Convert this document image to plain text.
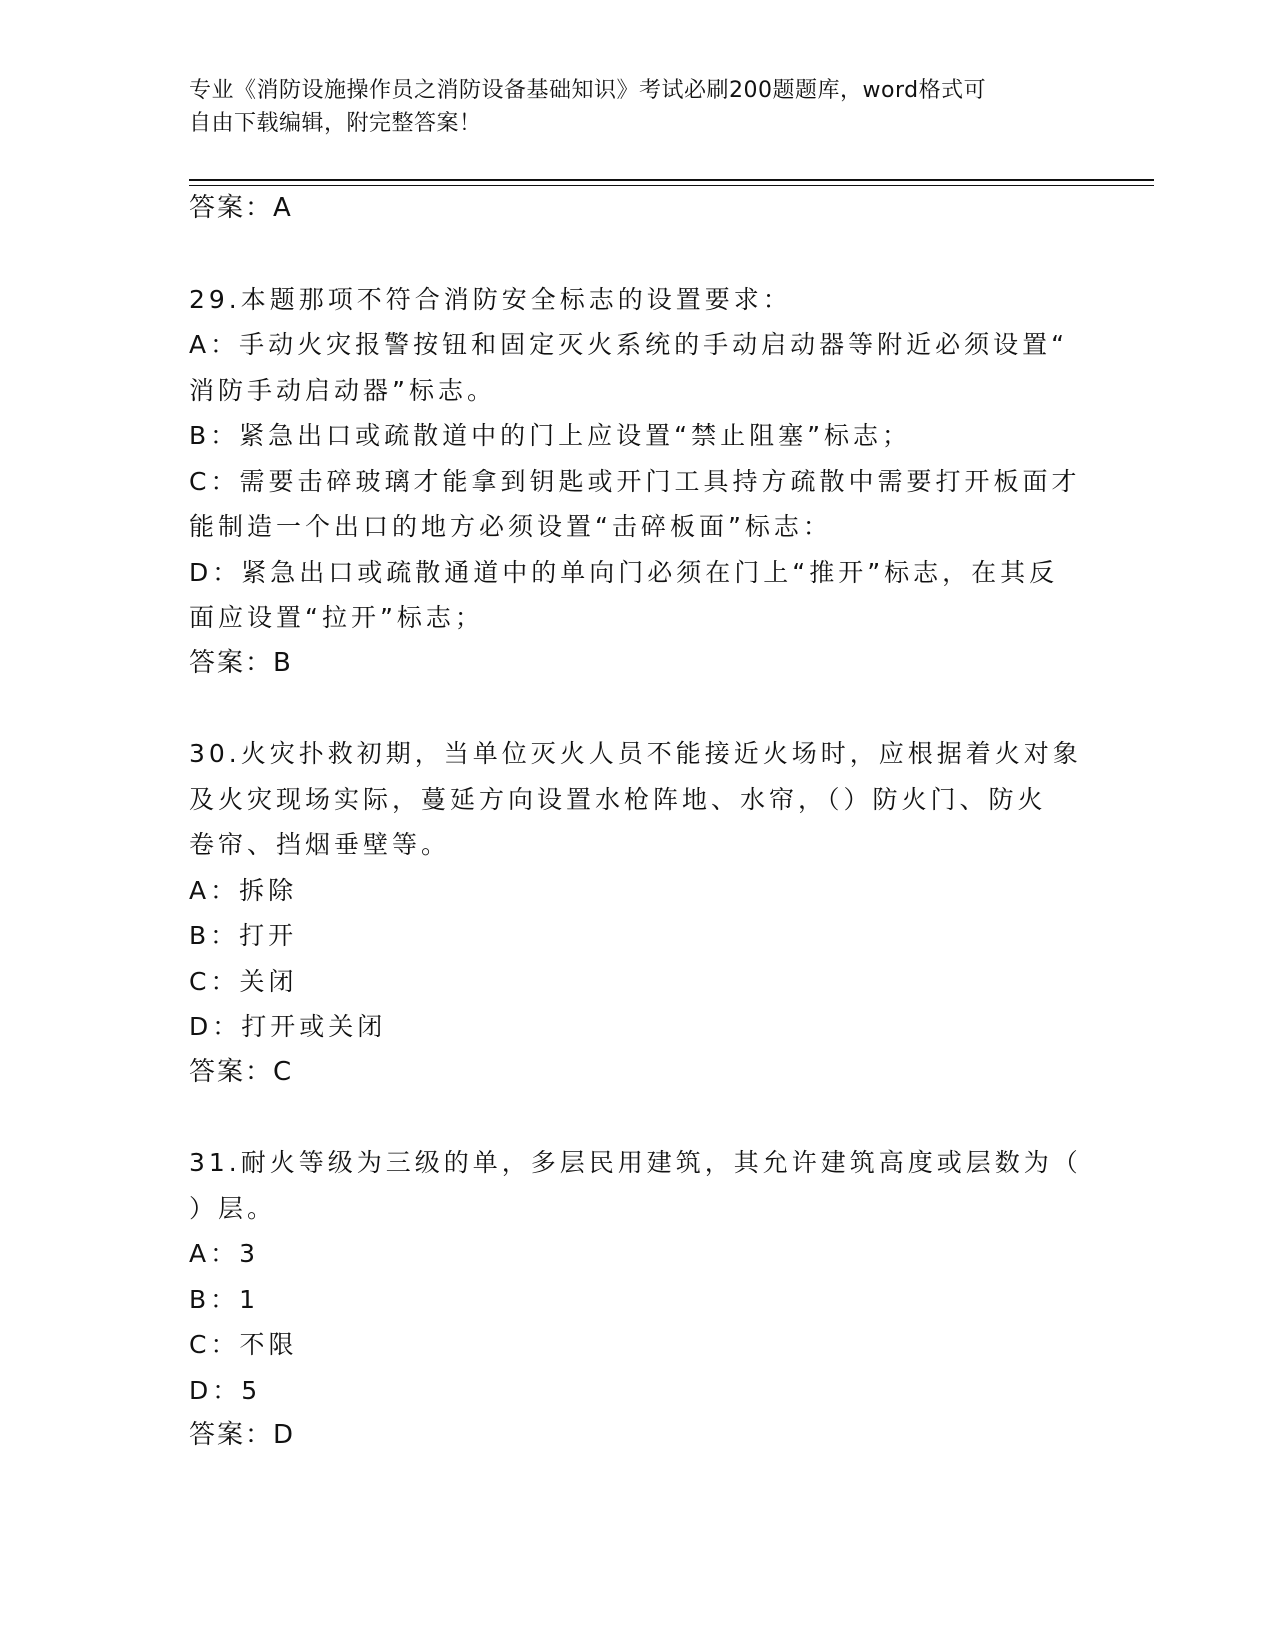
专业《消防设施操作员之消防设备基础知识》考试必刷200题题库，word格式可
自由下载编辑，附完整答案！
答案：A
29.本题那项不符合消防安全标志的设置要求：
A：手动火灾报警按钮和固定灭火系统的手动启动器等附近必须设置“
消防手动启动器”标志。
B：紧急出口或疏散道中的门上应设置“禁止阻塞”标志；
C：需要击碎玻璃才能拿到钥匙或开门工具持方疏散中需要打开板面才
能制造一个出口的地方必须设置“击碎板面”标志：
D：紧急出口或疏散通道中的单向门必须在门上“推开”标志，在其反
面应设置“拉开”标志；
答案：B
30.火灾扑救初期，当单位灭火人员不能接近火场时，应根据着火对象
及火灾现场实际，蔓延方向设置水枪阵地、水帘，（）防火门、防火
卷帘、挡烟垂壁等。
A：拆除
B：打开
C：关闭
D：打开或关闭
答案：C
31.耐火等级为三级的单，多层民用建筑，其允许建筑高度或层数为（
）层。
A：3
B：1
C：不限
D：5
答案：D
